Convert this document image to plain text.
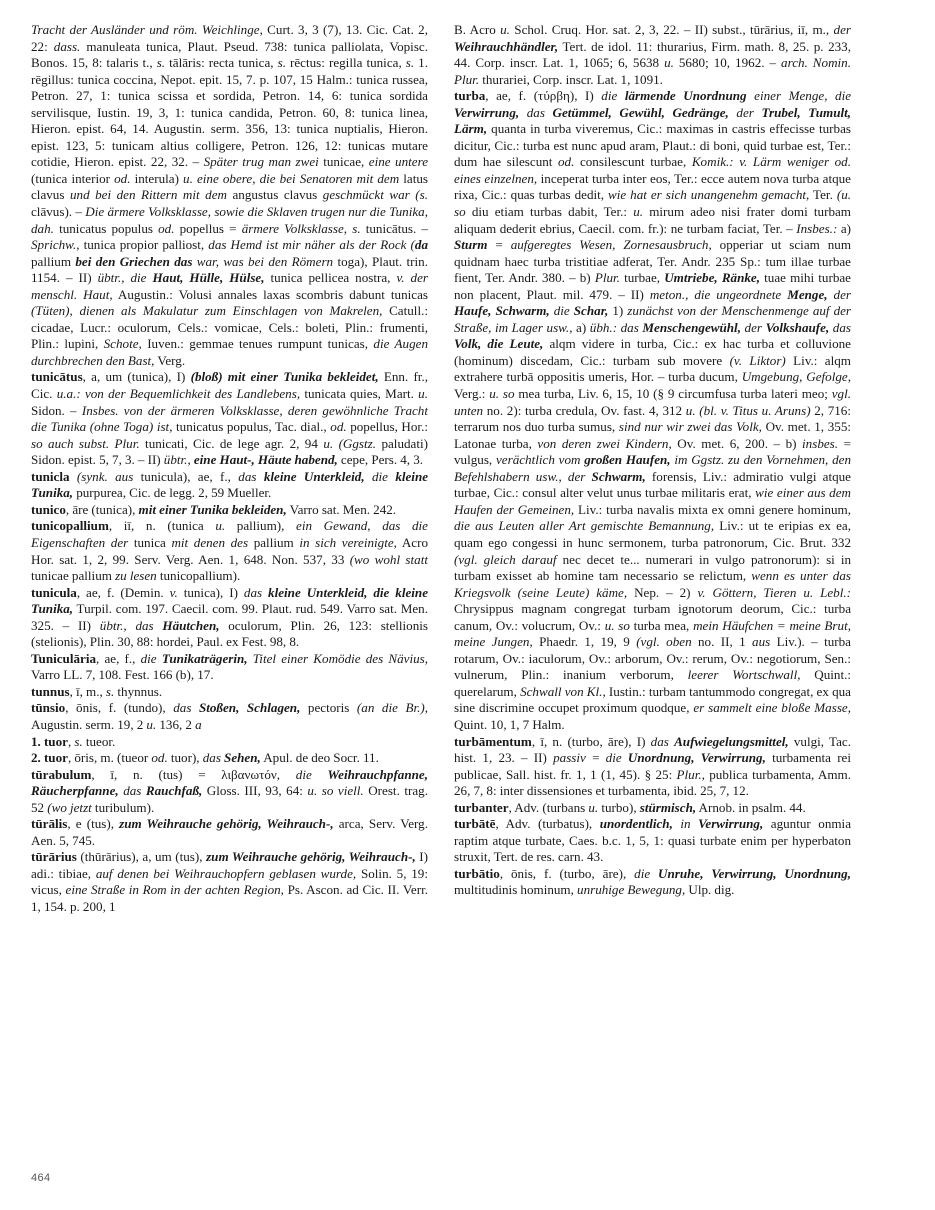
Tracht der Ausländer und röm. Weichlinge, Curt. 3, 3 (7), 13. Cic. Cat. 2, 22: dass. manuleata tunica, Plaut. Pseud. 738: tunica palliolata, Vopisc. Bonos. 15, 8: talaris t., s. tālāris: recta tunica, s. rēctus: regilla tunica, s. 1. rēgillus: tunica coccina, Nepot. epit. 15, 7. p. 107, 15 Halm.: tunica russea, Petron. 27, 1: tunica scissa et sordida, Petron. 14, 6: tunica sordida servilisque, Iustin. 19, 3, 1: tunica candida, Petron. 60, 8: tunica linea, Hieron. epist. 64, 14. Augustin. serm. 356, 13: tunica nuptialis, Hieron. epist. 123, 5: tunicam altius colligere, Petron. 126, 12: tunicas mutare cotidie, Hieron. epist. 22, 32. – Später trug man zwei tunicae, eine untere (tunica interior od. interula) u. eine obere, die bei Senatoren mit dem latus clavus und bei den Rittern mit dem angustus clavus geschmückt war (s. clāvus). – Die ärmere Volksklasse, sowie die Sklaven trugen nur die Tunika, dah. tunicatus populus od. popellus = ärmere Volksklasse, s. tunicātus. – Sprichw., tunica propior palliost, das Hemd ist mir näher als der Rock (da pallium bei den Griechen das war, was bei den Römern toga), Plaut. trin. 1154. – II) übtr., die Haut, Hülle, Hülse, tunica pellicea nostra, v. der menschl. Haut, Augustin.: Volusi annales laxas scombris dabunt tunicas (Tüten), dienen als Makulatur zum Einschlagen von Makrelen, Catull.: cicadae, Lucr.: oculorum, Cels.: vomicae, Cels.: boleti, Plin.: frumenti, Plin.: lupini, Schote, Iuven.: gemmae tenues rumpunt tunicas, die Augen durchbrechen den Bast, Verg.

tunicātus, a, um (tunica), I) (bloß) mit einer Tunika bekleidet, Enn. fr., Cic. u.a.: von der Bequemlichkeit des Landlebens, tunicata quies, Mart. u. Sidon. – Insbes. von der ärmeren Volksklasse, deren gewöhnliche Tracht die Tunika (ohne Toga) ist, tunicatus populus, Tac. dial., od. popellus, Hor.: so auch subst. Plur. tunicati, Cic. de lege agr. 2, 94 u. (Ggstz. paludati) Sidon. epist. 5, 7, 3. – II) übtr., eine Haut-, Häute habend, cepe, Pers. 4, 3.

tunicla (synk. aus tunicula), ae, f., das kleine Unterkleid, die kleine Tunika, purpurea, Cic. de legg. 2, 59 Mueller.

tunico, āre (tunica), mit einer Tunika bekleiden, Varro sat. Men. 242.

tunicopallium, iī, n. (tunica u. pallium), ein Gewand, das die Eigenschaften der tunica mit denen des pallium in sich vereinigte, Acro Hor. sat. 1, 2, 99. Serv. Verg. Aen. 1, 648. Non. 537, 33 (wo wohl statt tunicae pallium zu lesen tunicopallium).

tunicula, ae, f. (Demin. v. tunica), I) das kleine Unterkleid, die kleine Tunika, Turpil. com. 197. Caecil. com. 99. Plaut. rud. 549. Varro sat. Men. 325. – II) übtr., das Häutchen, oculorum, Plin. 26, 123: stellionis (stelionis), Plin. 30, 88: hordei, Paul. ex Fest. 98, 8.

Tuniculāria, ae, f., die Tunikaträgerin, Titel einer Komödie des Nävius, Varro LL. 7, 108. Fest. 166 (b), 17.

tunnus, ī, m., s. thynnus.

tūnsio, ōnis, f. (tundo), das Stoßen, Schlagen, pectoris (an die Br.), Augustin. serm. 19, 2 u. 136, 2 a

1. tuor, s. tueor.

2. tuor, ōris, m. (tueor od. tuor), das Sehen, Apul. de deo Socr. 11.

tūrabulum, ī, n. (tus) = λιβανωτόν, die Weihrauchpfanne, Räucherpfanne, das Rauchfaß, Gloss. III, 93, 64: u. so viell. Orest. trag. 52 (wo jetzt turibulum).

tūrālis, e (tus), zum Weihrauche gehörig, Weihrauch-, arca, Serv. Verg. Aen. 5, 745.

tūrārius (thūrārius), a, um (tus), zum Weihrauche gehörig, Weihrauch-, I) adi.: tibiae, auf denen bei Weihrauchopfern geblasen wurde, Solin. 5, 19: vicus, eine Straße in Rom in der achten Region, Ps. Ascon. ad Cic. II. Verr. 1, 154. p. 200, 1

B. Acro u. Schol. Cruq. Hor. sat. 2, 3, 22. – II) subst., tūrārius, iī, m., der Weihrauchhändler, Tert. de idol. 11: thurarius, Firm. math. 8, 25. p. 233, 44. Corp. inscr. Lat. 1, 1065; 6, 5638 u. 5680; 10, 1962. – arch. Nomin. Plur. thurariei, Corp. inscr. Lat. 1, 1091.

turba, ae, f. (τύρβη), I) die lärmende Unordnung einer Menge, die Verwirrung, das Getümmel, Gewühl, Gedränge, der Trubel, Tumult, Lärm, quanta in turba viveremus, Cic.: maximas in castris effecisse turbas dicitur, Cic.: turba est nunc apud aram, Plaut.: di boni, quid turbae est, Ter.: dum hae silescunt od. consilescunt turbae, Komik.: v. Lärm weniger od. eines einzelnen, inceperat turba inter eos, Ter.: ecce autem nova turba atque rixa, Cic.: quas turbas dedit, wie hat er sich unangenehm gemacht, Ter. (u. so diu etiam turbas dabit, Ter.: u. mirum adeo nisi frater domi turbam aliquam dederit ebrius, Caecil. com. fr.): ne turbam faciat, Ter. – Insbes.: a) Sturm = aufgeregtes Wesen, Zornesausbruch, opperiar ut sciam num quidnam haec turba tristitiae adferat, Ter. Andr. 235 Sp.: tum illae turbae fient, Ter. Andr. 380. – b) Plur. turbae, Umtriebe, Ränke, tuae mihi turbae non placent, Plaut. mil. 479. – II) meton., die ungeordnete Menge, der Haufe, Schwarm, die Schar, 1) zunächst von der Menschenmenge auf der Straße, im Lager usw., a) übh.: das Menschengewühl, der Volkshaufe, das Volk, die Leute, alqm videre in turba, Cic.: ex hac turba et colluvione (hominum) discedam, Cic.: turbam sub movere (v. Liktor) Liv.: alqm extrahere turbā oppositis umeris, Hor. – turba ducum, Umgebung, Gefolge, Verg.: u. so mea turba, Liv. 6, 15, 10 (§ 9 circumfusa turba lateri meo; vgl. unten no. 2): turba credula, Ov. fast. 4, 312 u. (bl. v. Titus u. Aruns) 2, 716: terrarum nos duo turba sumus, sind nur wir zwei das Volk, Ov. met. 1, 355: Latonae turba, von deren zwei Kindern, Ov. met. 6, 200. – b) insbes. = vulgus, verächtlich vom großen Haufen, im Ggstz. zu den Vornehmen, den Befehlshabern usw., der Schwarm, forensis, Liv.: admiratio vulgi atque turbae, Cic.: consul alter velut unus turbae militaris erat, wie einer aus dem Haufen der Gemeinen, Liv.: turba navalis mixta ex omni genere hominum, die aus Leuten aller Art gemischte Bemannung, Liv.: ut te eripias ex ea, quam ego congessi in hunc sermonem, turba patronorum, Cic. Brut. 332 (vgl. gleich darauf nec decet te... numerari in vulgo patronorum): si in turbam exisset ab homine tam necessario se relictum, wenn es unter das Kriegsvolk (seine Leute) käme, Nep. – 2) v. Göttern, Tieren u. Lebl.: Chrysippus magnam congregat turbam ignotorum deorum, Cic.: turba canum, Ov.: volucrum, Ov.: u. so turba mea, mein Häufchen = meine Brut, meine Jungen, Phaedr. 1, 19, 9 (vgl. oben no. II, 1 aus Liv.). – turba rotarum, Ov.: iaculorum, Ov.: arborum, Ov.: rerum, Ov.: negotiorum, Sen.: vulnerum, Plin.: inanium verborum, leerer Wortschwall, Quint.: querelarum, Schwall von Kl., Iustin.: turbam tantummodo congregat, ex qua sine discrimine occupet proximum quodque, er sammelt eine bloße Masse, Quint. 10, 1, 7 Halm.

turbāmentum, ī, n. (turbo, āre), I) das Aufwiegelungsmittel, vulgi, Tac. hist. 1, 23. – II) passiv = die Unordnung, Verwirrung, turbamenta rei publicae, Sall. hist. fr. 1, 1 (1, 45). § 25: Plur., publica turbamenta, Amm. 26, 7, 8: inter dissensiones et turbamenta, ibid. 25, 7, 12.

turbanter, Adv. (turbans u. turbo), stürmisch, Arnob. in psalm. 44.

turbātē, Adv. (turbatus), unordentlich, in Verwirrung, aguntur onmia raptim atque turbate, Caes. b.c. 1, 5, 1: quasi turbate enim per hyperbaton struxit, Tert. de res. carn. 43.

turbātio, ōnis, f. (turbo, āre), die Unruhe, Verwirrung, Unordnung, multitudinis hominum, unruhige Bewegung, Ulp. dig.

464
